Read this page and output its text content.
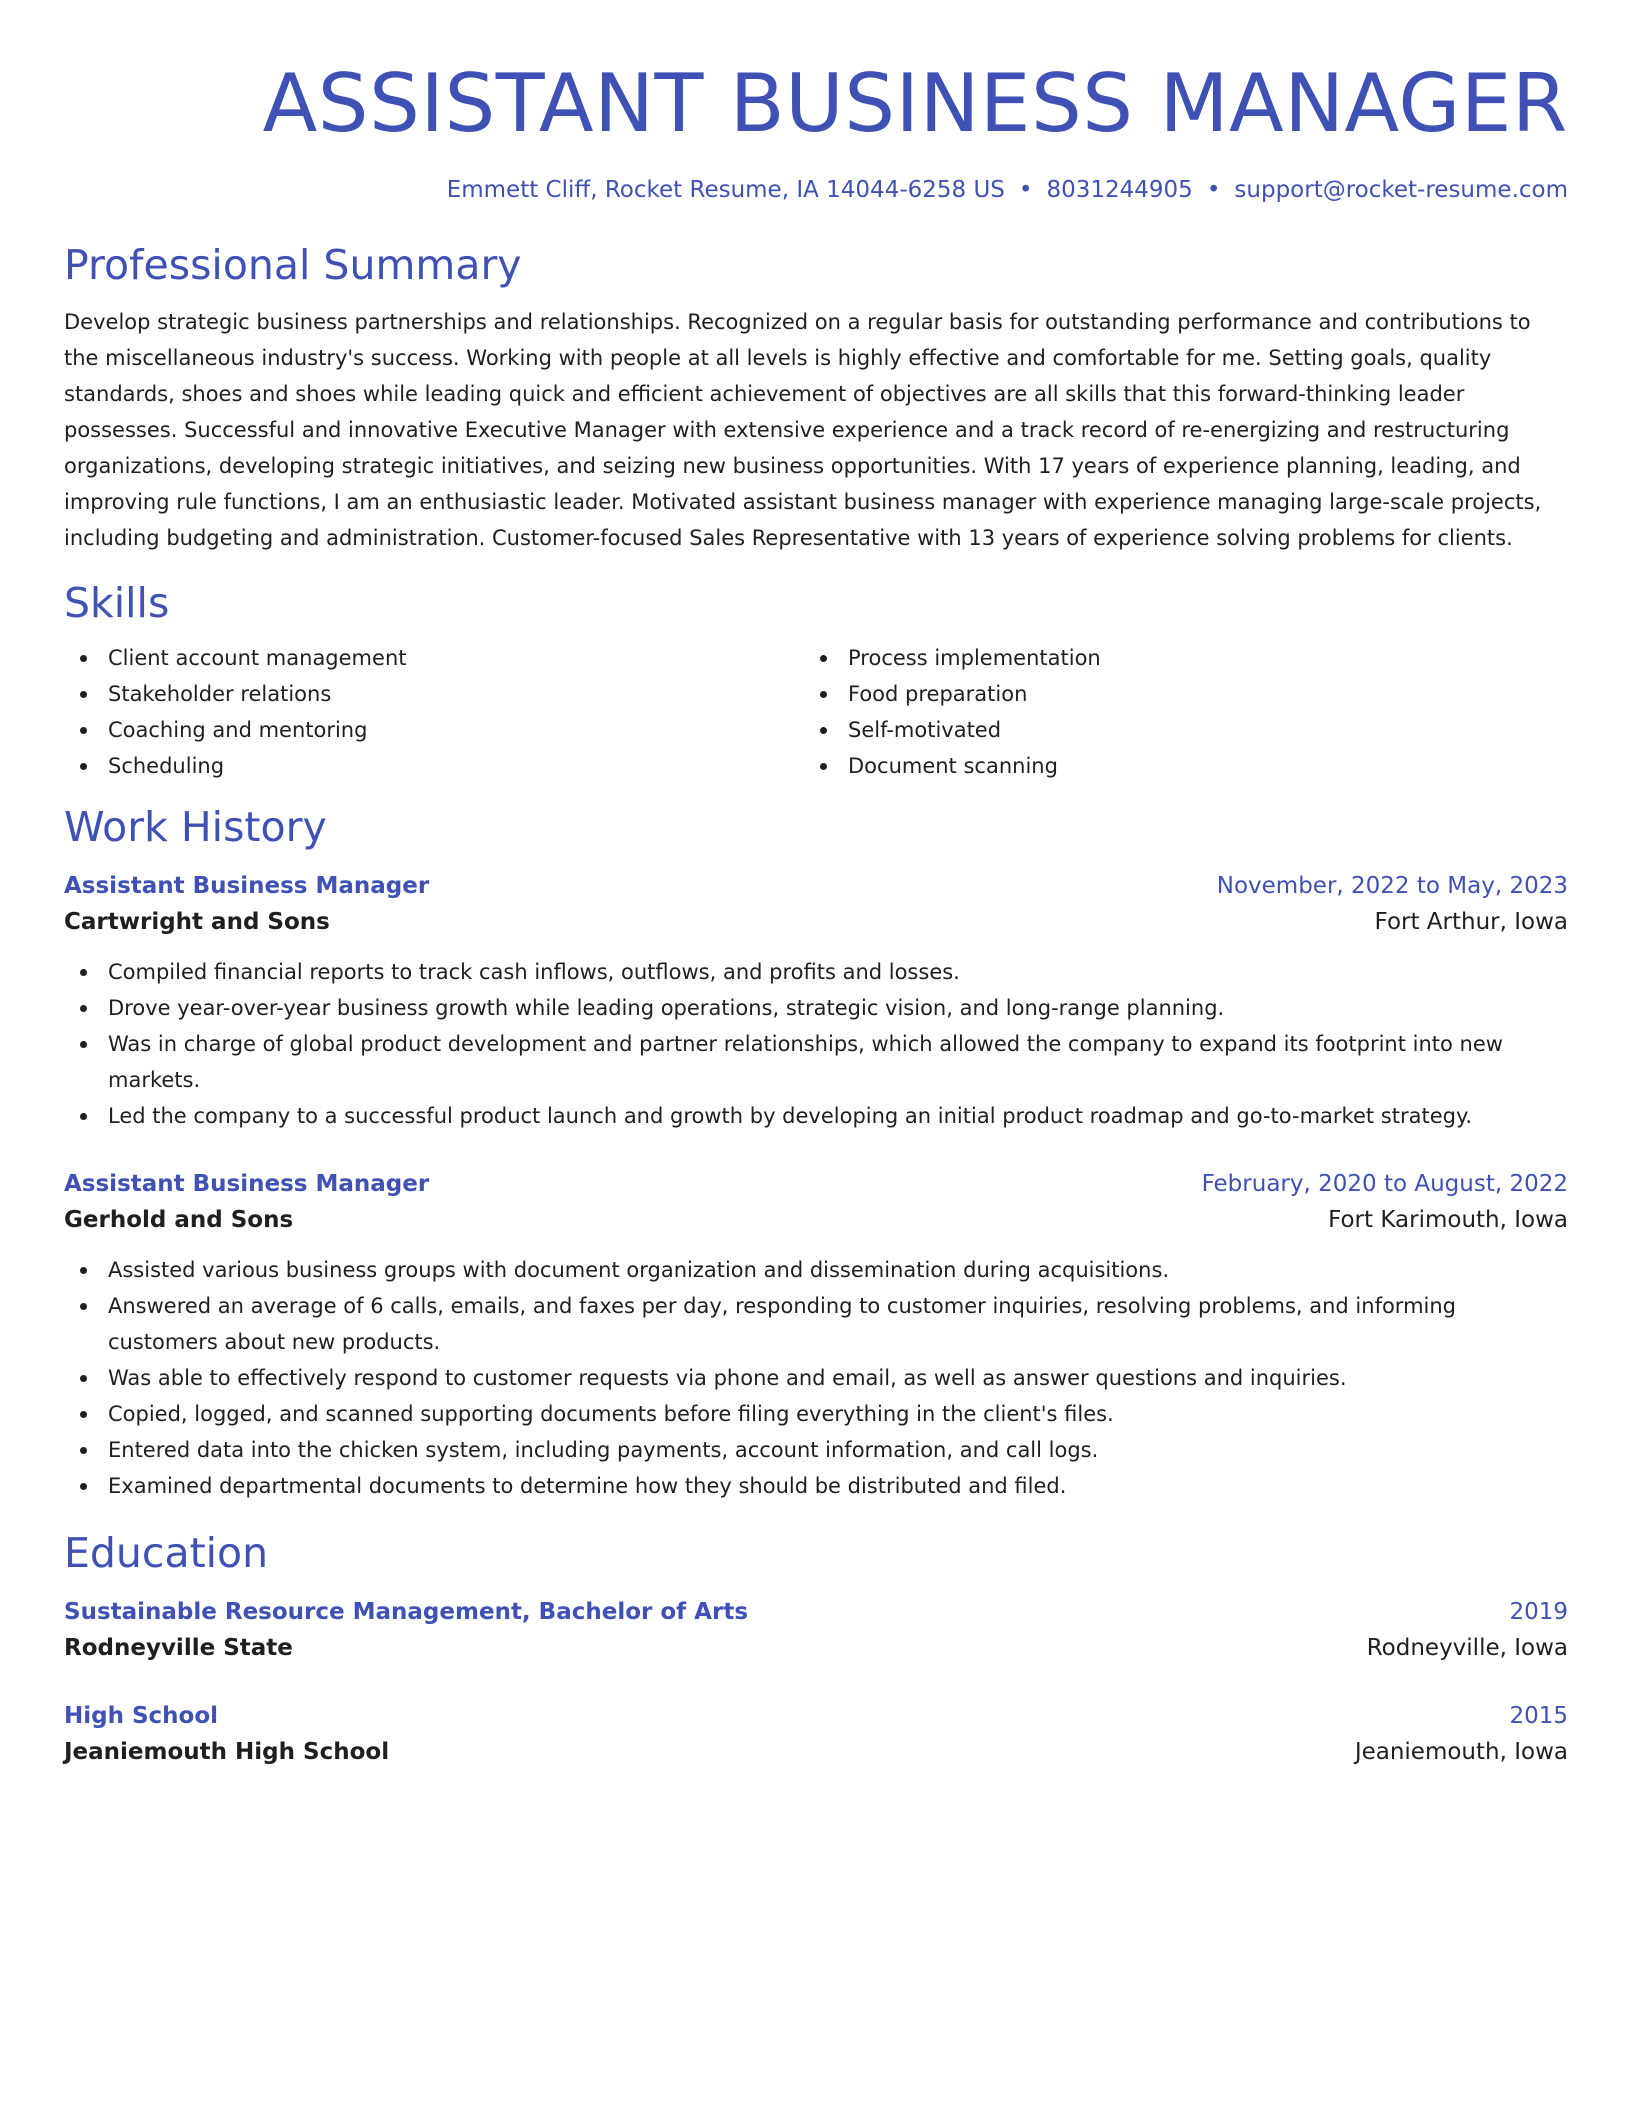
ASSISTANT BUSINESS MANAGER
Emmett Cliff, Rocket Resume, IA 14044-6258 US • 8031244905 • support@rocket-resume.com
Professional Summary
Develop strategic business partnerships and relationships. Recognized on a regular basis for outstanding performance and contributions to the miscellaneous industry's success. Working with people at all levels is highly effective and comfortable for me. Setting goals, quality standards, shoes and shoes while leading quick and efficient achievement of objectives are all skills that this forward-thinking leader possesses. Successful and innovative Executive Manager with extensive experience and a track record of re-energizing and restructuring organizations, developing strategic initiatives, and seizing new business opportunities. With 17 years of experience planning, leading, and improving rule functions, I am an enthusiastic leader. Motivated assistant business manager with experience managing large-scale projects, including budgeting and administration. Customer-focused Sales Representative with 13 years of experience solving problems for clients.
Skills
Client account management
Stakeholder relations
Coaching and mentoring
Scheduling
Process implementation
Food preparation
Self-motivated
Document scanning
Work History
Assistant Business Manager	November, 2022 to May, 2023
Cartwright and Sons	Fort Arthur, Iowa
Compiled financial reports to track cash inflows, outflows, and profits and losses.
Drove year-over-year business growth while leading operations, strategic vision, and long-range planning.
Was in charge of global product development and partner relationships, which allowed the company to expand its footprint into new markets.
Led the company to a successful product launch and growth by developing an initial product roadmap and go-to-market strategy.
Assistant Business Manager	February, 2020 to August, 2022
Gerhold and Sons	Fort Karimouth, Iowa
Assisted various business groups with document organization and dissemination during acquisitions.
Answered an average of 6 calls, emails, and faxes per day, responding to customer inquiries, resolving problems, and informing customers about new products.
Was able to effectively respond to customer requests via phone and email, as well as answer questions and inquiries.
Copied, logged, and scanned supporting documents before filing everything in the client's files.
Entered data into the chicken system, including payments, account information, and call logs.
Examined departmental documents to determine how they should be distributed and filed.
Education
Sustainable Resource Management, Bachelor of Arts	2019
Rodneyville State	Rodneyville, Iowa
High School	2015
Jeaniemouth High School	Jeaniemouth, Iowa
